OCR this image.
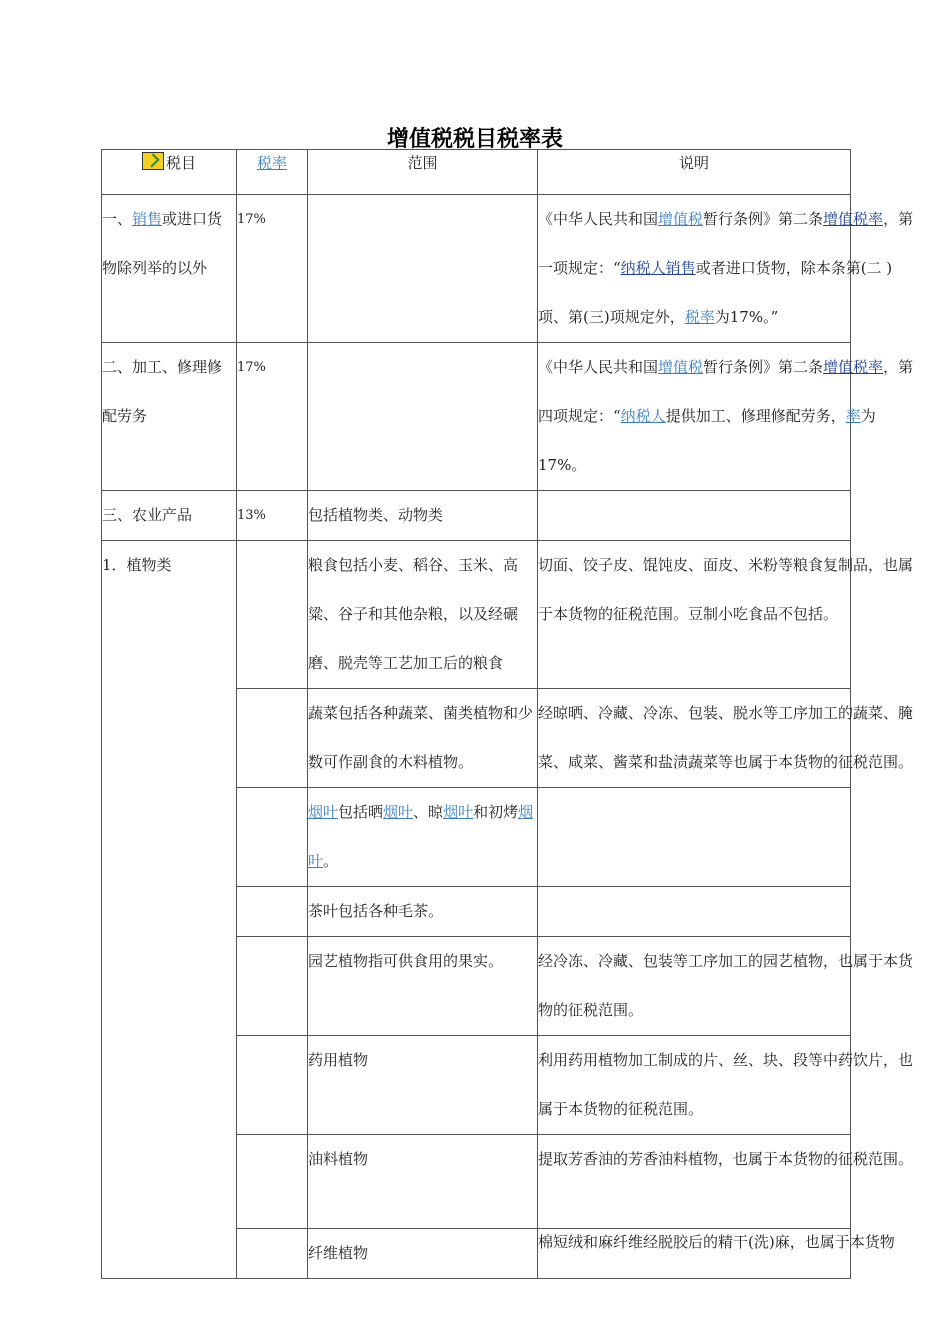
增值税税目税率表
税目	税率	范围	说明
一、销售或进口货物除列举的以外	17%		《中华人民共和国增值税暂行条例》第二条增值税率，第一项规定：“纳税人销售或者进口货物，除本条第(二 )项、第(三)项规定外，税率为17%。”

二、加工、修理修配劳务	17%		《中华人民共和国增值税暂行条例》第二条增值税率，第四项规定：“纳税人提供加工、修理修配劳务，率为17%。

三、农业产品	13%	包括植物类、动物类	
1．植物类		粮食包括小麦、稻谷、玉米、高粱、谷子和其他杂粮，以及经碾磨、脱壳等工艺加工后的粮食	切面、饺子皮、馄饨皮、面皮、米粉等粮食复制品，也属于本货物的征税范围。豆制小吃食品不包括。

		蔬菜包括各种蔬菜、菌类植物和少数可作副食的木料植物。	经晾晒、冷藏、冷冻、包装、脱水等工序加工的蔬菜、腌菜、咸菜、酱菜和盐渍蔬菜等也属于本货物的征税范围。

		烟叶包括晒烟叶、晾烟叶和初烤烟叶。	
		茶叶包括各种毛茶。	
		园艺植物指可供食用的果实。	经冷冻、冷藏、包装等工序加工的园艺植物，也属于本货物的征税范围。

		药用植物	利用药用植物加工制成的片、丝、块、段等中药饮片，也属于本货物的征税范围。

		油料植物	提取芳香油的芳香油料植物，也属于本货物的征税范围。

		纤维植物	棉短绒和麻纤维经脱胶后的精干(洗)麻，也属于本货物
